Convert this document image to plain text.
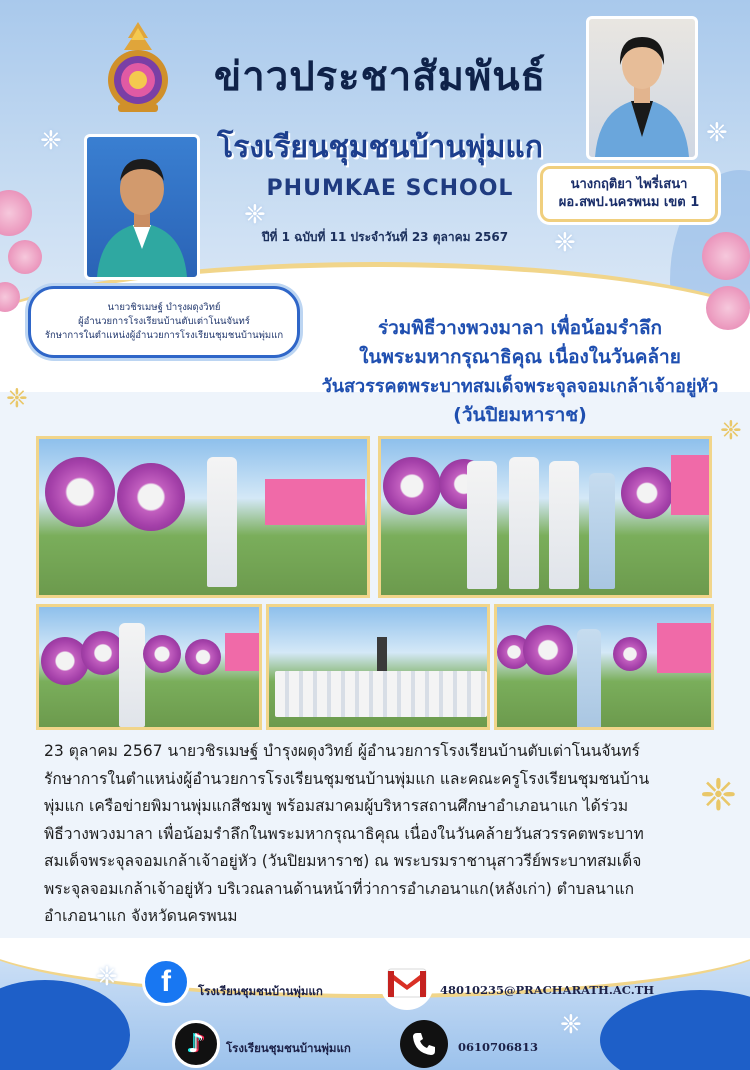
❈
❈
❈
❈
❈
❈
❈
ข่าวประชาสัมพันธ์
โรงเรียนชุมชนบ้านพุ่มแก
PHUMKAE SCHOOL
ปีที่ 1 ฉบับที่ 11 ประจำวันที่ 23 ตุลาคม 2567
นางกฤติยา ไพรี่เสนา
ผอ.สพป.นครพนม เขต 1
นายวชิรเมษฐ์ บำรุงผดุงวิทย์
ผู้อำนวยการโรงเรียนบ้านตับเต่าโนนจันทร์
รักษาการในตำแหน่งผู้อำนวยการโรงเรียนชุมชนบ้านพุ่มแก	ร่วมพิธีวางพวงมาลา เพื่อน้อมรำลึก
ในพระมหากรุณาธิคุณ เนื่องในวันคล้าย
วันสวรรคตพระบาทสมเด็จพระจุลจอมเกล้าเจ้าอยู่หัว
(วันปิยมหาราช)
23 ตุลาคม 2567 นายวชิรเมษฐ์ บำรุงผดุงวิทย์ ผู้อำนวยการโรงเรียนบ้านตับเต่าโนนจันทร์
รักษาการในตำแหน่งผู้อำนวยการโรงเรียนชุมชนบ้านพุ่มแก และคณะครูโรงเรียนชุมชนบ้าน
พุ่มแก เครือข่ายพิมานพุ่มแกสีชมพู พร้อมสมาคมผู้บริหารสถานศึกษาอำเภอนาแก ได้ร่วม
พิธีวางพวงมาลา เพื่อน้อมรำลึกในพระมหากรุณาธิคุณ เนื่องในวันคล้ายวันสวรรคตพระบาท
สมเด็จพระจุลจอมเกล้าเจ้าอยู่หัว (วันปิยมหาราช) ณ พระบรมราชานุสาวรีย์พระบาทสมเด็จ
พระจุลจอมเกล้าเจ้าอยู่หัว บริเวณลานด้านหน้าที่ว่าการอำเภอนาแก(หลังเก่า) ตำบลนาแก
อำเภอนาแก จังหวัดนครพนม
❈
❈
f โรงเรียนชุมชนบ้านพุ่มแก	48010235@PRACHARATH.AC.TH
♪ โรงเรียนชุมชนบ้านพุ่มแก	0610706813
